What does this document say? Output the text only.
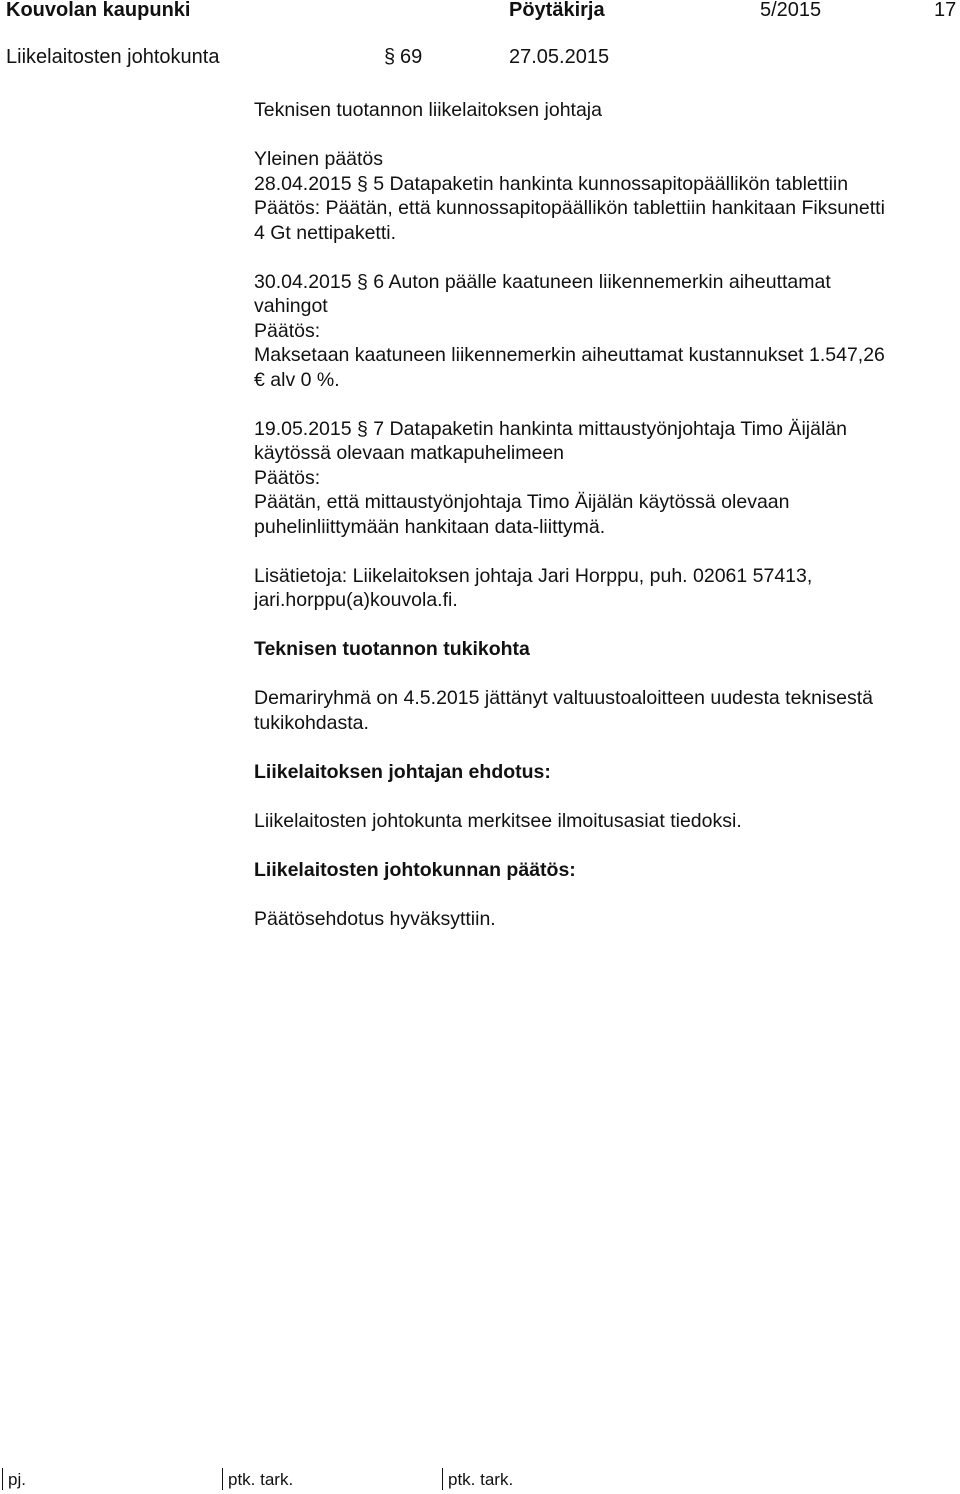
Kouvolan kaupunki	Pöytäkirja	5/2015	17
Liikelaitosten johtokunta	§ 69	27.05.2015

Teknisen tuotannon liikelaitoksen johtaja

Yleinen päätös

28.04.2015 § 5 Datapaketin hankinta kunnossapitopäällikön tablettiin

Päätös: Päätän, että kunnossapitopäällikön tablettiin hankitaan Fiksunetti

4 Gt nettipaketti.

30.04.2015 § 6 Auton päälle kaatuneen liikennemerkin aiheuttamat

vahingot

Päätös:

Maksetaan kaatuneen liikennemerkin aiheuttamat kustannukset 1.547,26

€ alv 0 %.

19.05.2015 § 7 Datapaketin hankinta mittaustyönjohtaja Timo Äijälän

käytössä olevaan matkapuhelimeen

Päätös:

Päätän, että mittaustyönjohtaja Timo Äijälän käytössä olevaan

puhelinliittymään hankitaan data-liittymä.

Lisätietoja: Liikelaitoksen johtaja Jari Horppu, puh. 02061 57413,

jari.horppu(a)kouvola.fi.

Teknisen tuotannon tukikohta

Demariryhmä on 4.5.2015 jättänyt valtuustoaloitteen uudesta teknisestä

tukikohdasta.

Liikelaitoksen johtajan ehdotus:

Liikelaitosten johtokunta merkitsee ilmoitusasiat tiedoksi.

Liikelaitosten johtokunnan päätös:

Päätösehdotus hyväksyttiin.

pj.	ptk. tark.	ptk. tark.
